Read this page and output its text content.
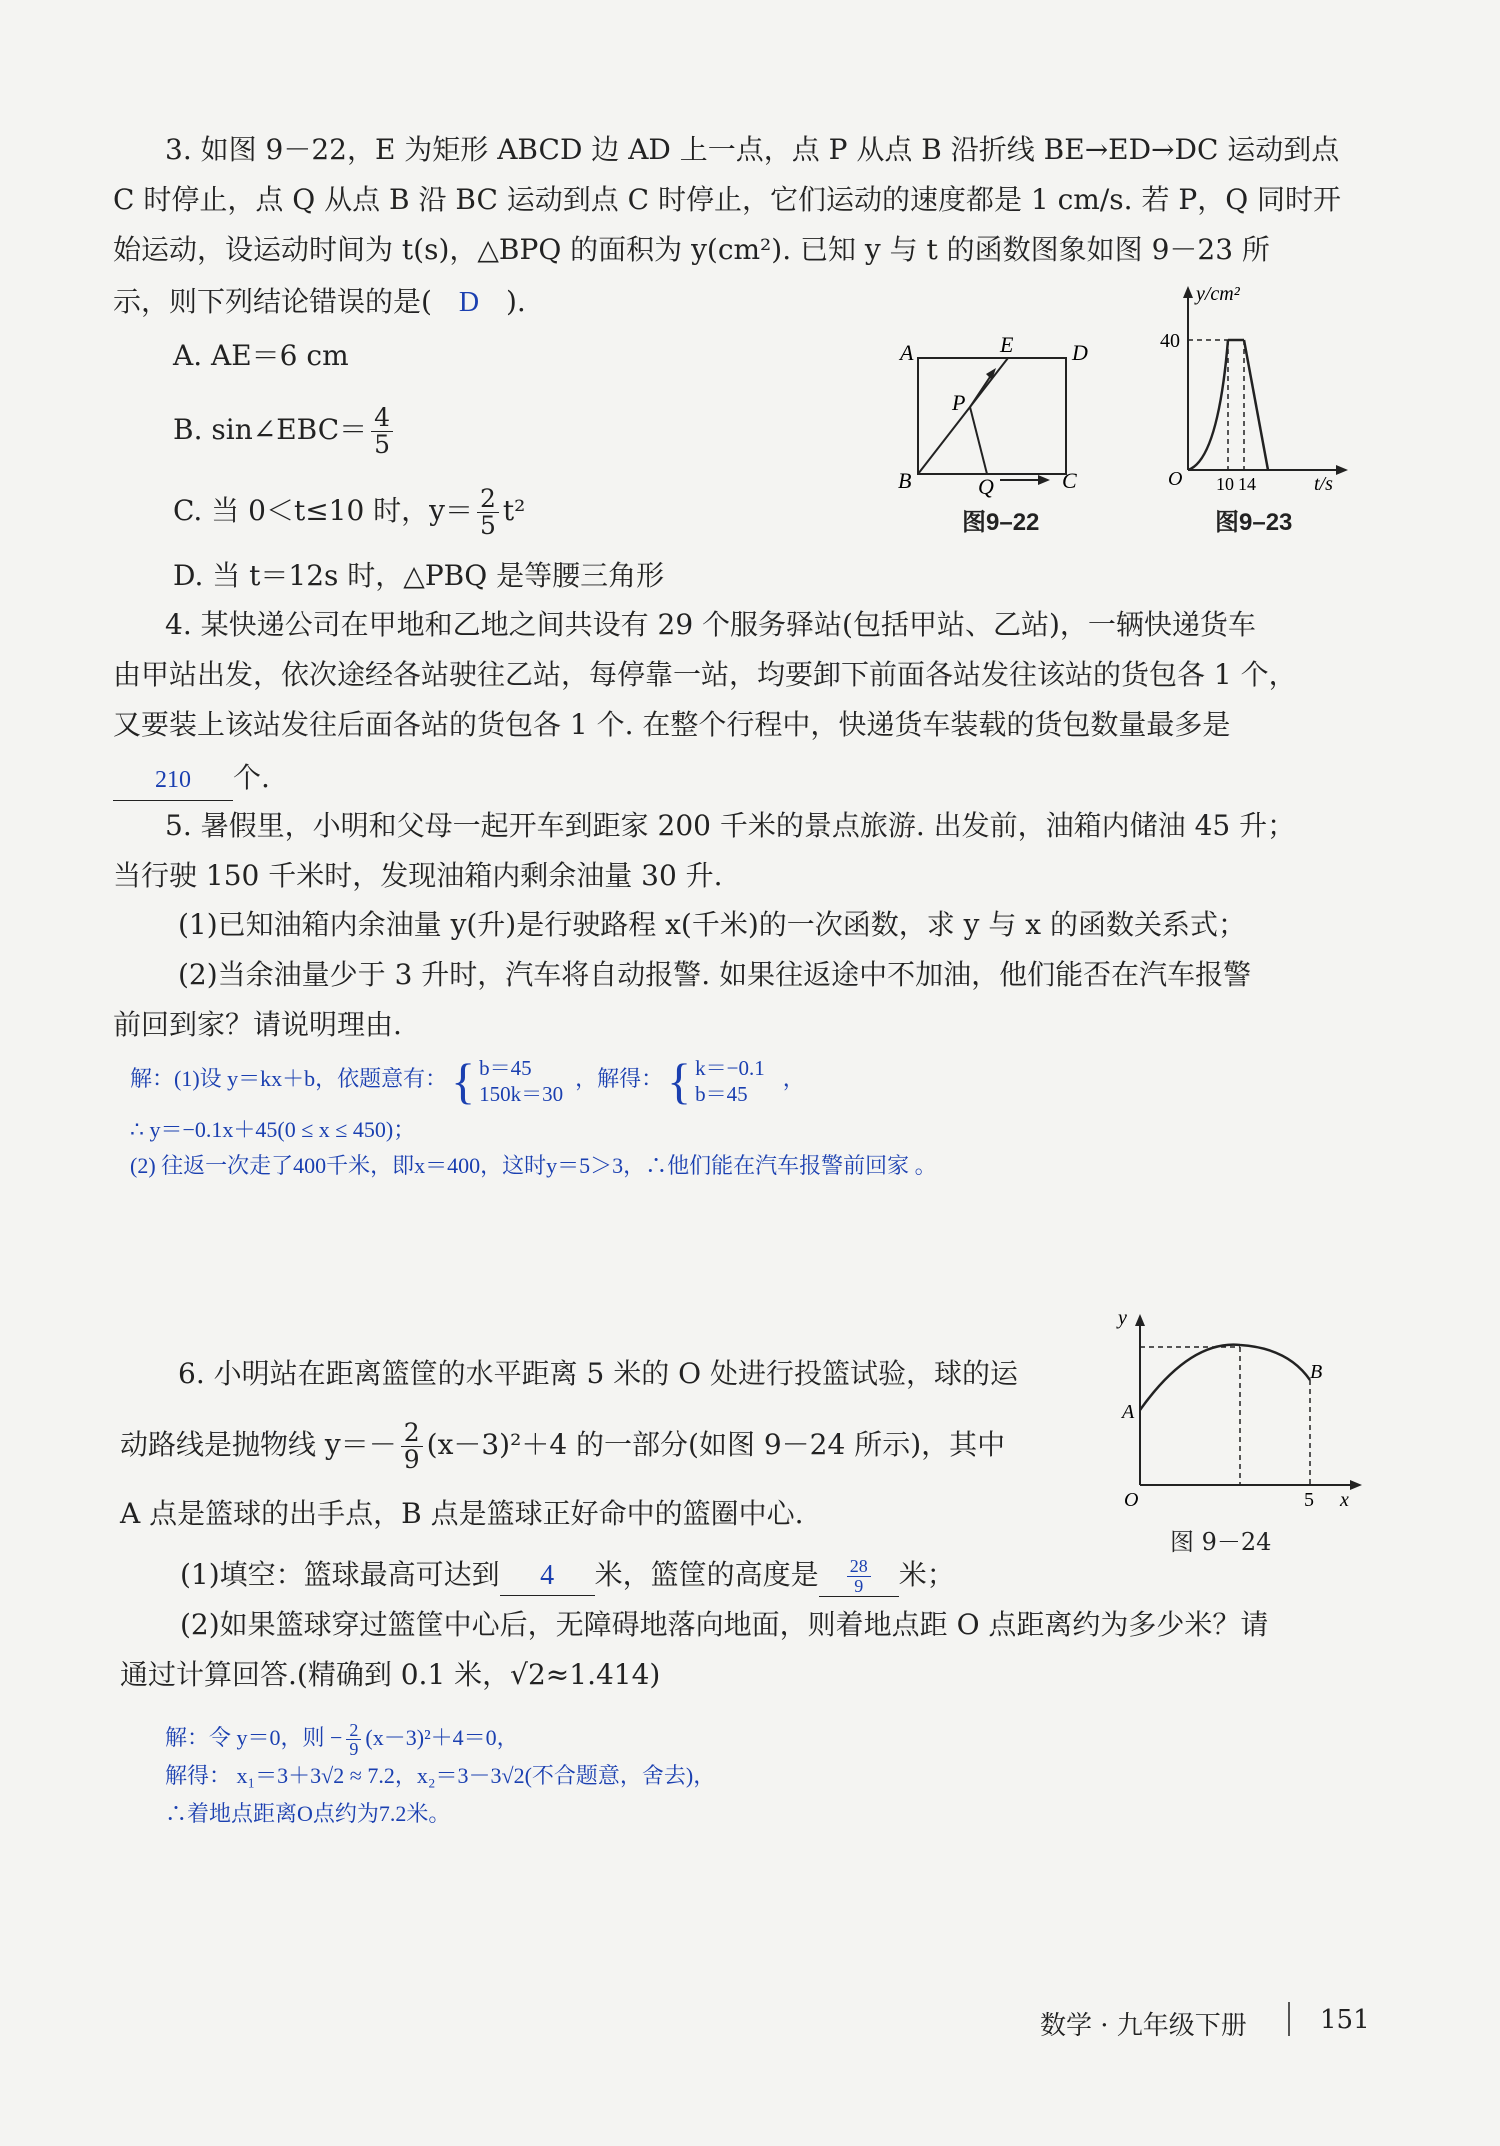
3. 如图 9－22，E 为矩形 ABCD 边 AD 上一点，点 P 从点 B 沿折线 BE→ED→DC 运动到点
C 时停止，点 Q 从点 B 沿 BC 运动到点 C 时停止，它们运动的速度都是 1 cm/s. 若 P，Q 同时开
始运动，设运动时间为 t(s)，△BPQ 的面积为 y(cm²). 已知 y 与 t 的函数图象如图 9－23 所
示，则下列结论错误的是( D ).
A. AE＝6 cm
B. sin∠EBC＝ $\frac{4}{5}$
C. 当 0＜t≤10 时，$y= \frac{2}{5} t^2$
D. 当 t＝12s 时，△PBQ 是等腰三角形
A	E	D
P
B	Q	C
图9–22
y/cm²
40
O 10 14	t/s
图9–23
4. 某快递公司在甲地和乙地之间共设有 29 个服务驿站(包括甲站、乙站)，一辆快递货车
由甲站出发，依次途经各站驶往乙站，每停靠一站，均要卸下前面各站发往该站的货包各 1 个，
又要装上该站发往后面各站的货包各 1 个. 在整个行程中，快递货车装载的货包数量最多是
210 个.
5. 暑假里，小明和父母一起开车到距家 200 千米的景点旅游. 出发前，油箱内储油 45 升；
当行驶 150 千米时，发现油箱内剩余油量 30 升.
(1)已知油箱内余油量 y(升)是行驶路程 x(千米)的一次函数，求 y 与 x 的函数关系式；
(2)当余油量少于 3 升时，汽车将自动报警. 如果往返途中不加油，他们能否在汽车报警
前回到家？请说明理由.
解：(1)设 y＝kx＋b，依题意有：{ b＝45
150k＝30
，解得：{ k＝−0.1
b＝45
，
∴ y＝−0.1x＋45(0 ≤ x ≤ 450)；
(2) 往返一次走了400千米，即x＝400，这时y＝5＞3，∴他们能在汽车报警前回家 。
6. 小明站在距离篮筐的水平距离 5 米的 O 处进行投篮试验，球的运
动路线是抛物线 $y=- \frac{2}{9} (x-3)^2+4$ 的一部分(如图 9－24 所示)，其中
A 点是篮球的出手点，B 点是篮球正好命中的篮圈中心.
(1)填空：篮球最高可达到 4 米，篮筐的高度是 $\frac{28}{9}$ 米；
(2)如果篮球穿过篮筐中心后，无障碍地落向地面，则着地点距 O 点距离约为多少米？请
通过计算回答.(精确到 0.1 米，√2≈1.414)
解：令 y＝0，则 − $\frac{2}{9} (x-3)^2+4=0$，
解得： x₁＝3＋3√2 ≈ 7.2，x₂＝3－3√2(不合题意，舍去)，
∴着地点距离O点约为7.2米。
y
A
B
O	5 x
图 9－24
数学 · 九年级下册	151
